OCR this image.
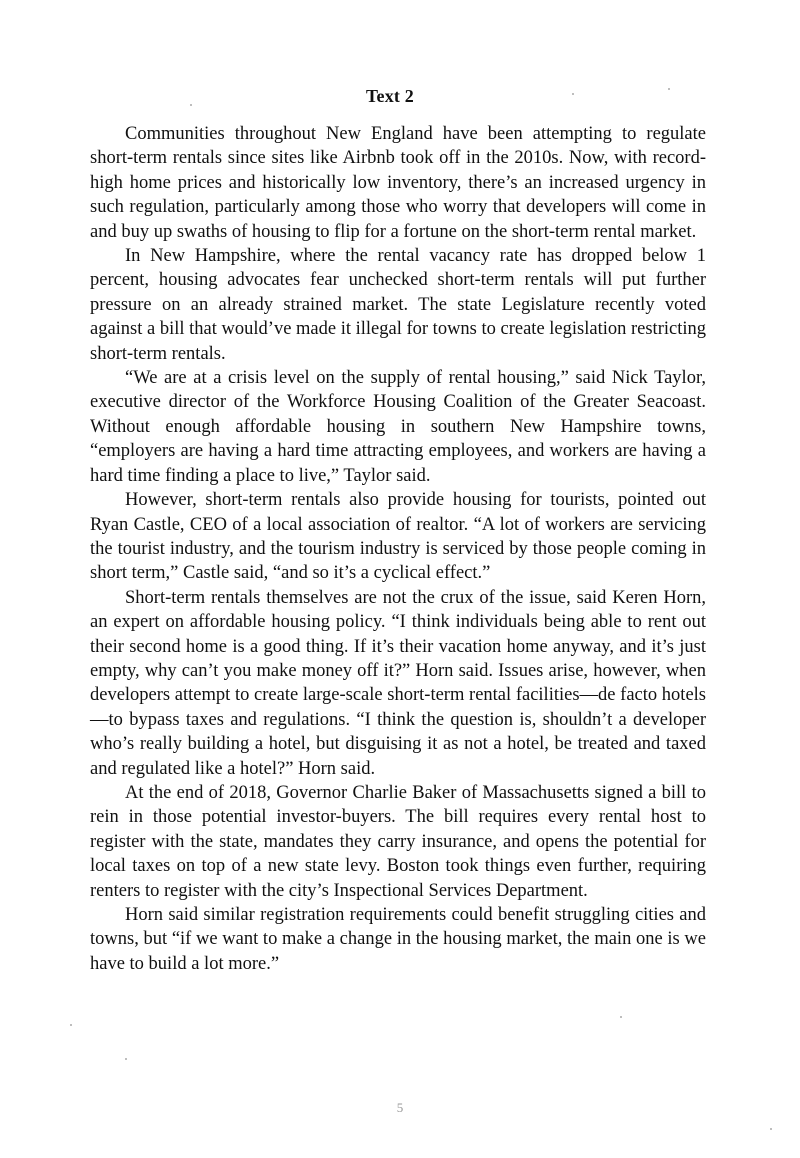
Text 2

Communities throughout New England have been attempting to regulate short-term rentals since sites like Airbnb took off in the 2010s. Now, with record-high home prices and historically low inventory, there’s an increased urgency in such regulation, particularly among those who worry that developers will come in and buy up swaths of housing to flip for a fortune on the short-term rental market.

In New Hampshire, where the rental vacancy rate has dropped below 1 percent, housing advocates fear unchecked short-term rentals will put further pressure on an already strained market. The state Legislature recently voted against a bill that would’ve made it illegal for towns to create legislation restricting short-term rentals.

“We are at a crisis level on the supply of rental housing,” said Nick Taylor, executive director of the Workforce Housing Coalition of the Greater Seacoast. Without enough affordable housing in southern New Hampshire towns, “employers are having a hard time attracting employees, and workers are having a hard time finding a place to live,” Taylor said.

However, short-term rentals also provide housing for tourists, pointed out Ryan Castle, CEO of a local association of realtor. “A lot of workers are servicing the tourist industry, and the tourism industry is serviced by those people coming in short term,” Castle said, “and so it’s a cyclical effect.”

Short-term rentals themselves are not the crux of the issue, said Keren Horn, an expert on affordable housing policy. “I think individuals being able to rent out their second home is a good thing. If it’s their vacation home anyway, and it’s just empty, why can’t you make money off it?” Horn said. Issues arise, however, when developers attempt to create large-scale short-term rental facilities—de facto hotels—to bypass taxes and regulations. “I think the question is, shouldn’t a developer who’s really building a hotel, but disguising it as not a hotel, be treated and taxed and regulated like a hotel?” Horn said.

At the end of 2018, Governor Charlie Baker of Massachusetts signed a bill to rein in those potential investor-buyers. The bill requires every rental host to register with the state, mandates they carry insurance, and opens the potential for local taxes on top of a new state levy. Boston took things even further, requiring renters to register with the city’s Inspectional Services Department.

Horn said similar registration requirements could benefit struggling cities and towns, but “if we want to make a change in the housing market, the main one is we have to build a lot more.”

5
